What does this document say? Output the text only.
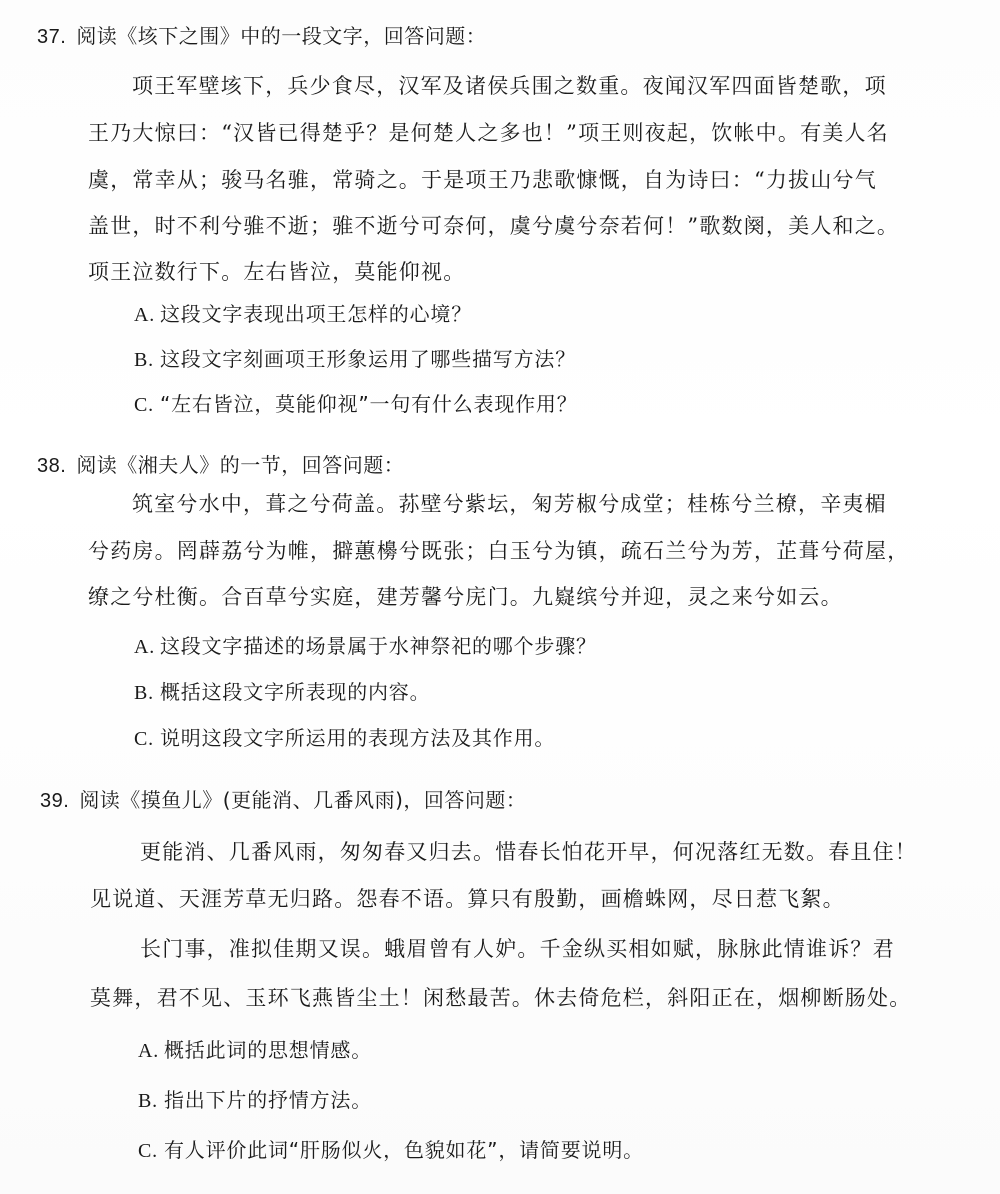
37. 阅读《垓下之围》中的一段文字，回答问题：
项王军壁垓下，兵少食尽，汉军及诸侯兵围之数重。夜闻汉军四面皆楚歌，项
王乃大惊曰：“汉皆已得楚乎？是何楚人之多也！”项王则夜起，饮帐中。有美人名
虞，常幸从；骏马名骓，常骑之。于是项王乃悲歌慷慨，自为诗曰：“力拔山兮气
盖世，时不利兮骓不逝；骓不逝兮可奈何，虞兮虞兮奈若何！”歌数阕，美人和之。
项王泣数行下。左右皆泣，莫能仰视。
A. 这段文字表现出项王怎样的心境？
B. 这段文字刻画项王形象运用了哪些描写方法？
C. “左右皆泣，莫能仰视”一句有什么表现作用？
38. 阅读《湘夫人》的一节，回答问题：
筑室兮水中，葺之兮荷盖。荪壁兮紫坛，匊芳椒兮成堂；桂栋兮兰橑，辛夷楣
兮药房。罔薜荔兮为帷，擗蕙櫋兮既张；白玉兮为镇，疏石兰兮为芳，芷葺兮荷屋，
缭之兮杜衡。合百草兮实庭，建芳馨兮庑门。九嶷缤兮并迎，灵之来兮如云。
A. 这段文字描述的场景属于水神祭祀的哪个步骤？
B. 概括这段文字所表现的内容。
C. 说明这段文字所运用的表现方法及其作用。
39. 阅读《摸鱼儿》(更能消、几番风雨)，回答问题：
更能消、几番风雨，匆匆春又归去。惜春长怕花开早，何况落红无数。春且住！
见说道、天涯芳草无归路。怨春不语。算只有殷勤，画檐蛛网，尽日惹飞絮。
长门事，准拟佳期又误。蛾眉曾有人妒。千金纵买相如赋，脉脉此情谁诉？君
莫舞，君不见、玉环飞燕皆尘土！闲愁最苦。休去倚危栏，斜阳正在，烟柳断肠处。
A. 概括此词的思想情感。
B. 指出下片的抒情方法。
C. 有人评价此词“肝肠似火，色貌如花”，请简要说明。
